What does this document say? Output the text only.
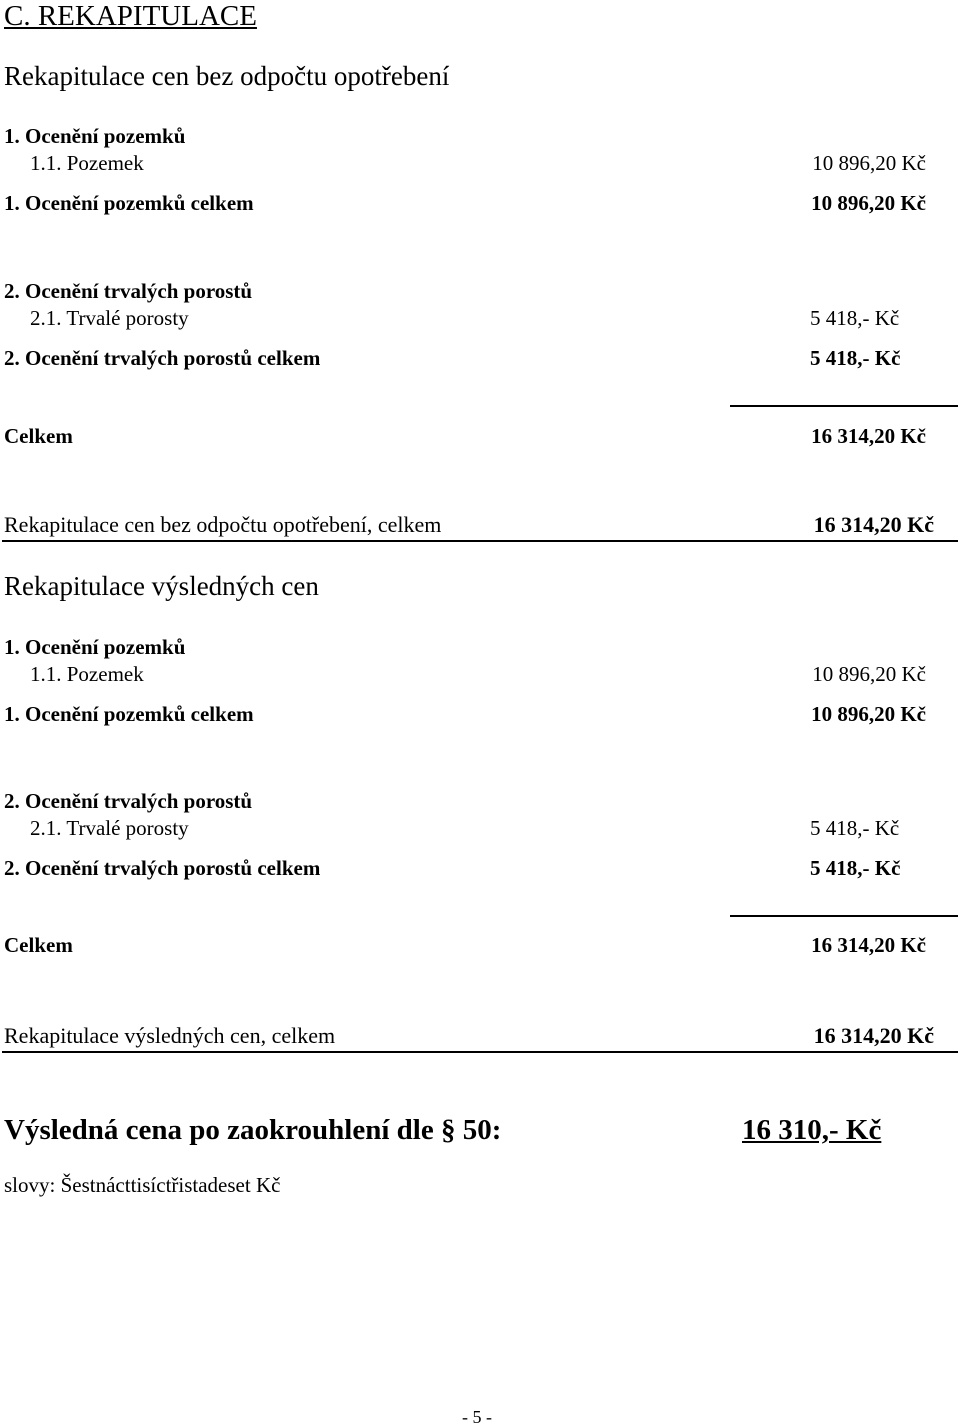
C. REKAPITULACE
Rekapitulace cen bez odpočtu opotřebení
1. Ocenění pozemků
1.1. Pozemek	10 896,20 Kč
1. Ocenění pozemků celkem	10 896,20 Kč
2. Ocenění trvalých porostů
2.1. Trvalé porosty	5 418,- Kč
2. Ocenění trvalých porostů celkem	5 418,- Kč
Celkem	16 314,20 Kč
Rekapitulace cen bez odpočtu opotřebení, celkem	16 314,20 Kč
Rekapitulace výsledných cen
1. Ocenění pozemků
1.1. Pozemek	10 896,20 Kč
1. Ocenění pozemků celkem	10 896,20 Kč
2. Ocenění trvalých porostů
2.1. Trvalé porosty	5 418,- Kč
2. Ocenění trvalých porostů celkem	5 418,- Kč
Celkem	16 314,20 Kč
Rekapitulace výsledných cen, celkem	16 314,20 Kč
Výsledná cena po zaokrouhlení dle § 50:	16 310,- Kč
slovy: Šestnácttisíctřistadeset Kč
- 5 -
